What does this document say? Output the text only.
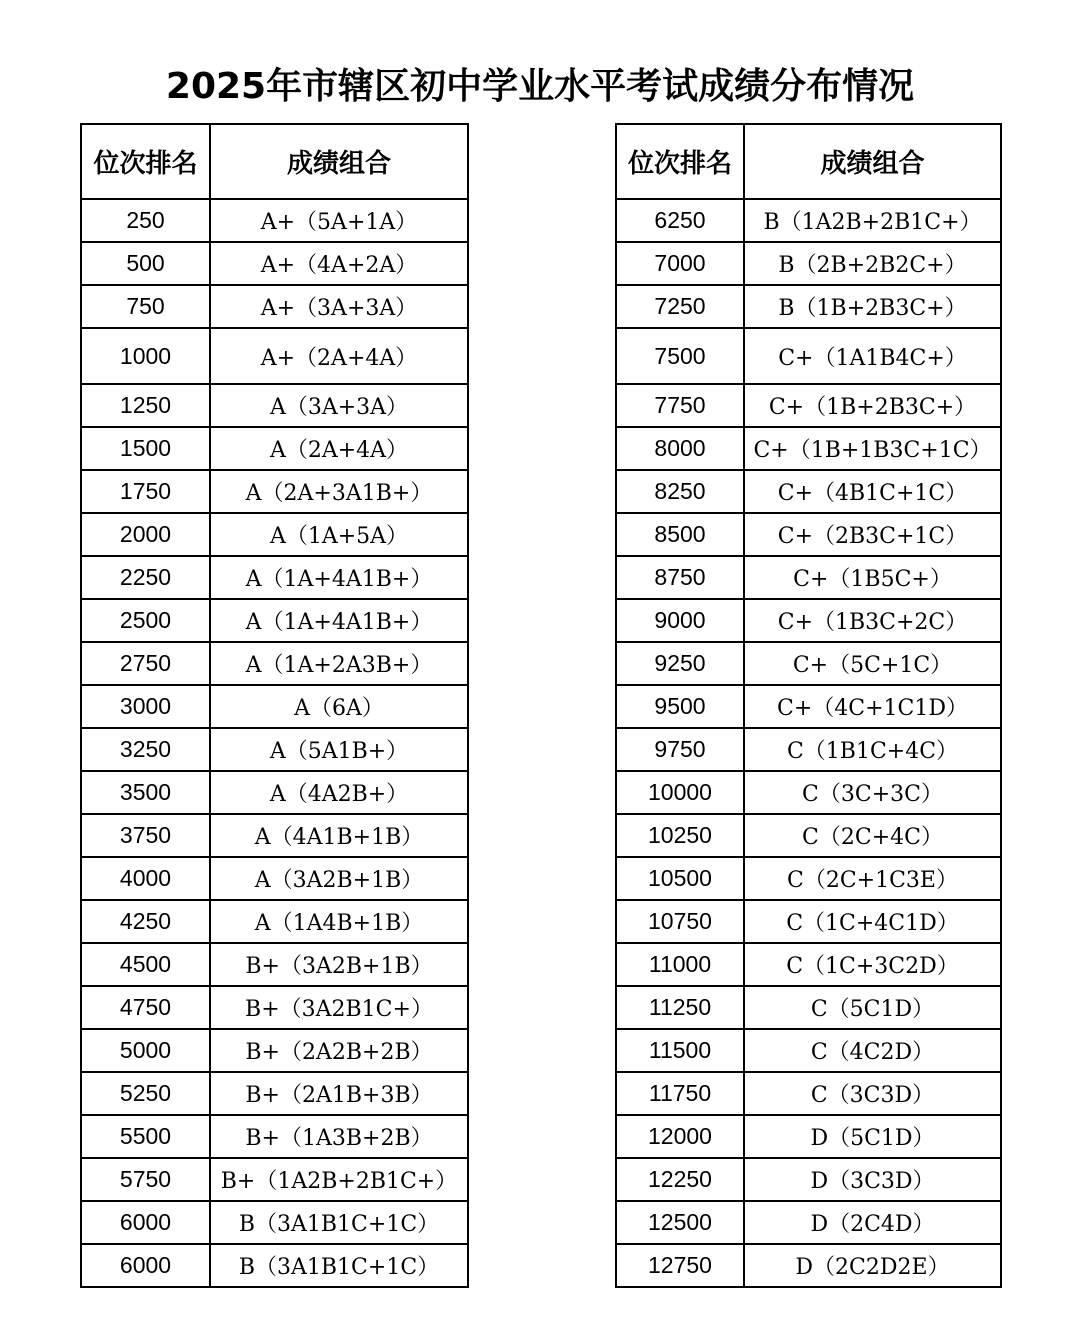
2025年市辖区初中学业水平考试成绩分布情况
位次排名	成绩组合
250	A+（5A+1A）
500	A+（4A+2A）
750	A+（3A+3A）
1000	A+（2A+4A）
1250	A（3A+3A）
1500	A（2A+4A）
1750	A（2A+3A1B+）
2000	A（1A+5A）
2250	A（1A+4A1B+）
2500	A（1A+4A1B+）
2750	A（1A+2A3B+）
3000	A（6A）
3250	A（5A1B+）
3500	A（4A2B+）
3750	A（4A1B+1B）
4000	A（3A2B+1B）
4250	A（1A4B+1B）
4500	B+（3A2B+1B）
4750	B+（3A2B1C+）
5000	B+（2A2B+2B）
5250	B+（2A1B+3B）
5500	B+（1A3B+2B）
5750	B+（1A2B+2B1C+）
6000	B（3A1B1C+1C）
6000	B（3A1B1C+1C）
位次排名	成绩组合
6250	B（1A2B+2B1C+）
7000	B（2B+2B2C+）
7250	B（1B+2B3C+）
7500	C+（1A1B4C+）
7750	C+（1B+2B3C+）
8000	C+（1B+1B3C+1C）
8250	C+（4B1C+1C）
8500	C+（2B3C+1C）
8750	C+（1B5C+）
9000	C+（1B3C+2C）
9250	C+（5C+1C）
9500	C+（4C+1C1D）
9750	C（1B1C+4C）
10000	C（3C+3C）
10250	C（2C+4C）
10500	C（2C+1C3E）
10750	C（1C+4C1D）
11000	C（1C+3C2D）
11250	C（5C1D）
11500	C（4C2D）
11750	C（3C3D）
12000	D（5C1D）
12250	D（3C3D）
12500	D（2C4D）
12750	D（2C2D2E）
